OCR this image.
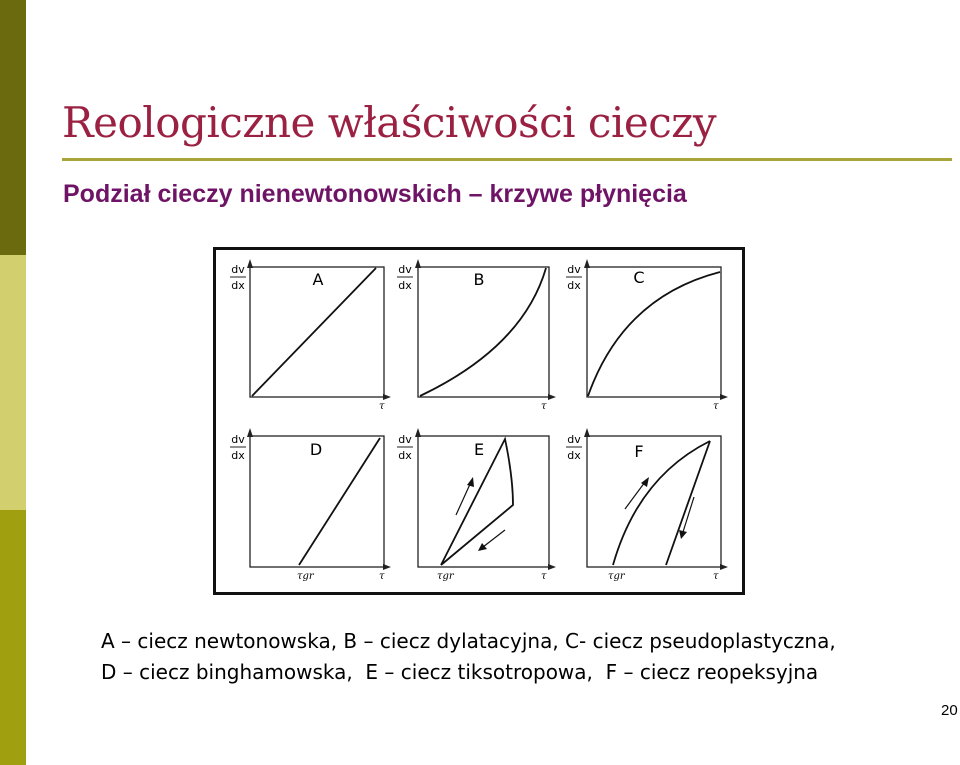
Reologiczne właściwości cieczy
Podział cieczy nienewtonowskich – krzywe płynięcia
dv
dx
τ
A
dv
dx
τ
B
dv
dx
τ
C
dv
dx
τ
τgr
D
dv
dx
τ
τgr
E
dv
dx
τ
τgr
F
A – ciecz newtonowska, B – ciecz dylatacyjna, C- ciecz pseudoplastyczna,
D – ciecz binghamowska,  E – ciecz tiksotropowa,  F – ciecz reopeksyjna
20
